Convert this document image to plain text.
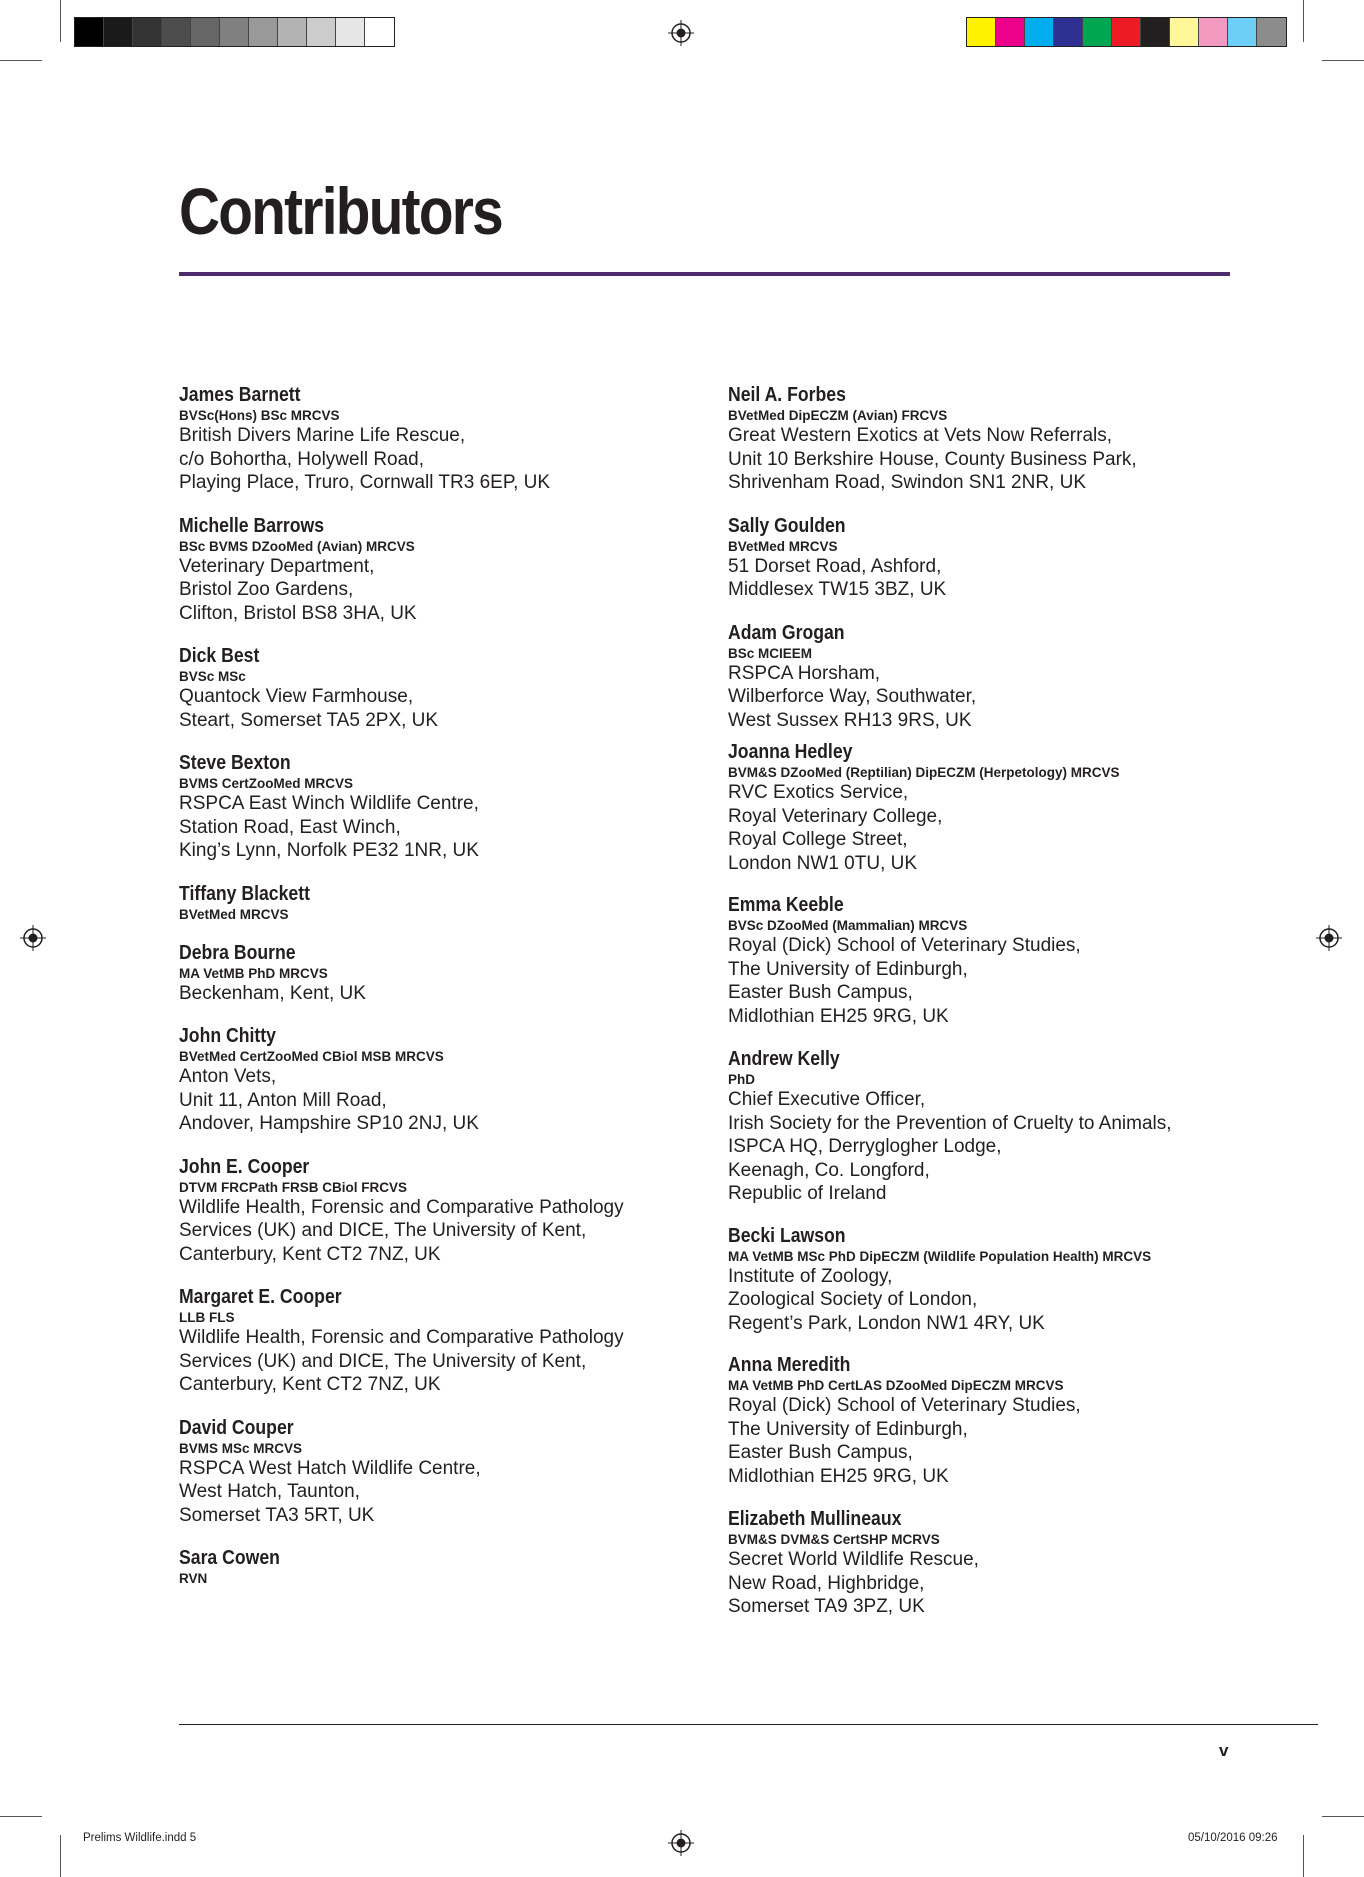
Contributors
James Barnett
BVSc(Hons) BSc MRCVS
British Divers Marine Life Rescue,
c/o Bohortha, Holywell Road,
Playing Place, Truro, Cornwall TR3 6EP, UK
Michelle Barrows
BSc BVMS DZooMed (Avian) MRCVS
Veterinary Department,
Bristol Zoo Gardens,
Clifton, Bristol BS8 3HA, UK
Dick Best
BVSc MSc
Quantock View Farmhouse,
Steart, Somerset TA5 2PX, UK
Steve Bexton
BVMS CertZooMed MRCVS
RSPCA East Winch Wildlife Centre,
Station Road, East Winch,
King’s Lynn, Norfolk PE32 1NR, UK
Tiffany Blackett
BVetMed MRCVS
Debra Bourne
MA VetMB PhD MRCVS
Beckenham, Kent, UK
John Chitty
BVetMed CertZooMed CBiol MSB MRCVS
Anton Vets,
Unit 11, Anton Mill Road,
Andover, Hampshire SP10 2NJ, UK
John E. Cooper
DTVM FRCPath FRSB CBiol FRCVS
Wildlife Health, Forensic and Comparative Pathology
Services (UK) and DICE, The University of Kent,
Canterbury, Kent CT2 7NZ, UK
Margaret E. Cooper
LLB FLS
Wildlife Health, Forensic and Comparative Pathology
Services (UK) and DICE, The University of Kent,
Canterbury, Kent CT2 7NZ, UK
David Couper
BVMS MSc MRCVS
RSPCA West Hatch Wildlife Centre,
West Hatch, Taunton,
Somerset TA3 5RT, UK
Sara Cowen
RVN
Neil A. Forbes
BVetMed DipECZM (Avian) FRCVS
Great Western Exotics at Vets Now Referrals,
Unit 10 Berkshire House, County Business Park,
Shrivenham Road, Swindon SN1 2NR, UK
Sally Goulden
BVetMed MRCVS
51 Dorset Road, Ashford,
Middlesex TW15 3BZ, UK
Adam Grogan
BSc MCIEEM
RSPCA Horsham,
Wilberforce Way, Southwater,
West Sussex RH13 9RS, UK
Joanna Hedley
BVM&S DZooMed (Reptilian) DipECZM (Herpetology) MRCVS
RVC Exotics Service,
Royal Veterinary College,
Royal College Street,
London NW1 0TU, UK
Emma Keeble
BVSc DZooMed (Mammalian) MRCVS
Royal (Dick) School of Veterinary Studies,
The University of Edinburgh,
Easter Bush Campus,
Midlothian EH25 9RG, UK
Andrew Kelly
PhD
Chief Executive Officer,
Irish Society for the Prevention of Cruelty to Animals,
ISPCA HQ, Derryglogher Lodge,
Keenagh, Co. Longford,
Republic of Ireland
Becki Lawson
MA VetMB MSc PhD DipECZM (Wildlife Population Health) MRCVS
Institute of Zoology,
Zoological Society of London,
Regent’s Park, London NW1 4RY, UK
Anna Meredith
MA VetMB PhD CertLAS DZooMed DipECZM MRCVS
Royal (Dick) School of Veterinary Studies,
The University of Edinburgh,
Easter Bush Campus,
Midlothian EH25 9RG, UK
Elizabeth Mullineaux
BVM&S DVM&S CertSHP MCRVS
Secret World Wildlife Rescue,
New Road, Highbridge,
Somerset TA9 3PZ, UK
v
Prelims Wildlife.indd 5	05/10/2016 09:26
